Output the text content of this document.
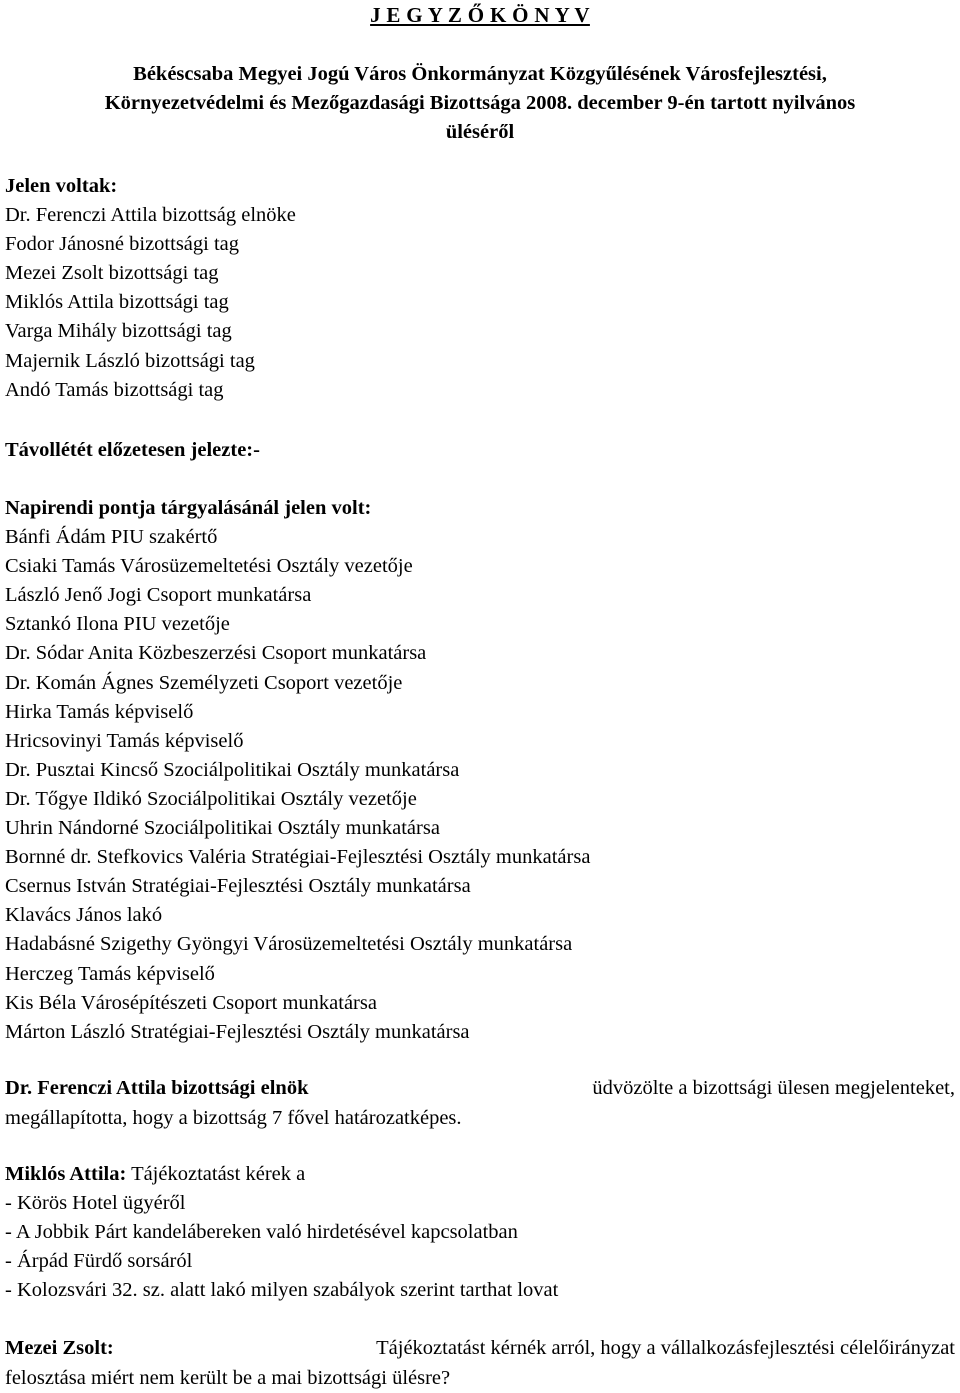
J E G Y Z Ő K Ö N Y V
Békéscsaba Megyei Jogú Város Önkormányzat Közgyűlésének Városfejlesztési,
Környezetvédelmi és Mezőgazdasági Bizottsága 2008. december 9-én tartott nyilvános
üléséről
Jelen voltak:
Dr. Ferenczi Attila bizottság elnöke
Fodor Jánosné bizottsági tag
Mezei Zsolt bizottsági tag
Miklós Attila bizottsági tag
Varga Mihály bizottsági tag
Majernik László bizottsági tag
Andó Tamás bizottsági tag
Távollétét előzetesen jelezte:-
Napirendi pontja tárgyalásánál jelen volt:
Bánfi Ádám PIU szakértő
Csiaki Tamás Városüzemeltetési Osztály vezetője
László Jenő Jogi Csoport munkatársa
Sztankó Ilona PIU vezetője
Dr. Sódar Anita Közbeszerzési Csoport munkatársa
Dr. Komán Ágnes Személyzeti Csoport vezetője
Hirka Tamás képviselő
Hricsovinyi Tamás képviselő
Dr. Pusztai Kincső Szociálpolitikai Osztály munkatársa
Dr. Tőgye Ildikó Szociálpolitikai Osztály vezetője
Uhrin Nándorné Szociálpolitikai Osztály munkatársa
Bornné dr. Stefkovics Valéria Stratégiai-Fejlesztési Osztály munkatársa
Csernus István Stratégiai-Fejlesztési Osztály munkatársa
Klavács János lakó
Hadabásné Szigethy Gyöngyi Városüzemeltetési Osztály munkatársa
Herczeg Tamás képviselő
Kis Béla Városépítészeti Csoport munkatársa
Márton László Stratégiai-Fejlesztési Osztály munkatársa
Dr. Ferenczi Attila bizottsági elnök	üdvözölte a bizottsági ülesen megjelenteket,
megállapította, hogy a bizottság 7 fővel határozatképes.
Miklós Attila: Tájékoztatást kérek a
- Körös Hotel ügyéről
- A Jobbik Párt kandelábereken való hirdetésével kapcsolatban
- Árpád Fürdő sorsáról
- Kolozsvári 32. sz. alatt lakó milyen szabályok szerint tarthat lovat
Mezei Zsolt:	Tájékoztatást kérnék arról, hogy a vállalkozásfejlesztési célelőirányzat
felosztása miért nem került be a mai bizottsági ülésre?
